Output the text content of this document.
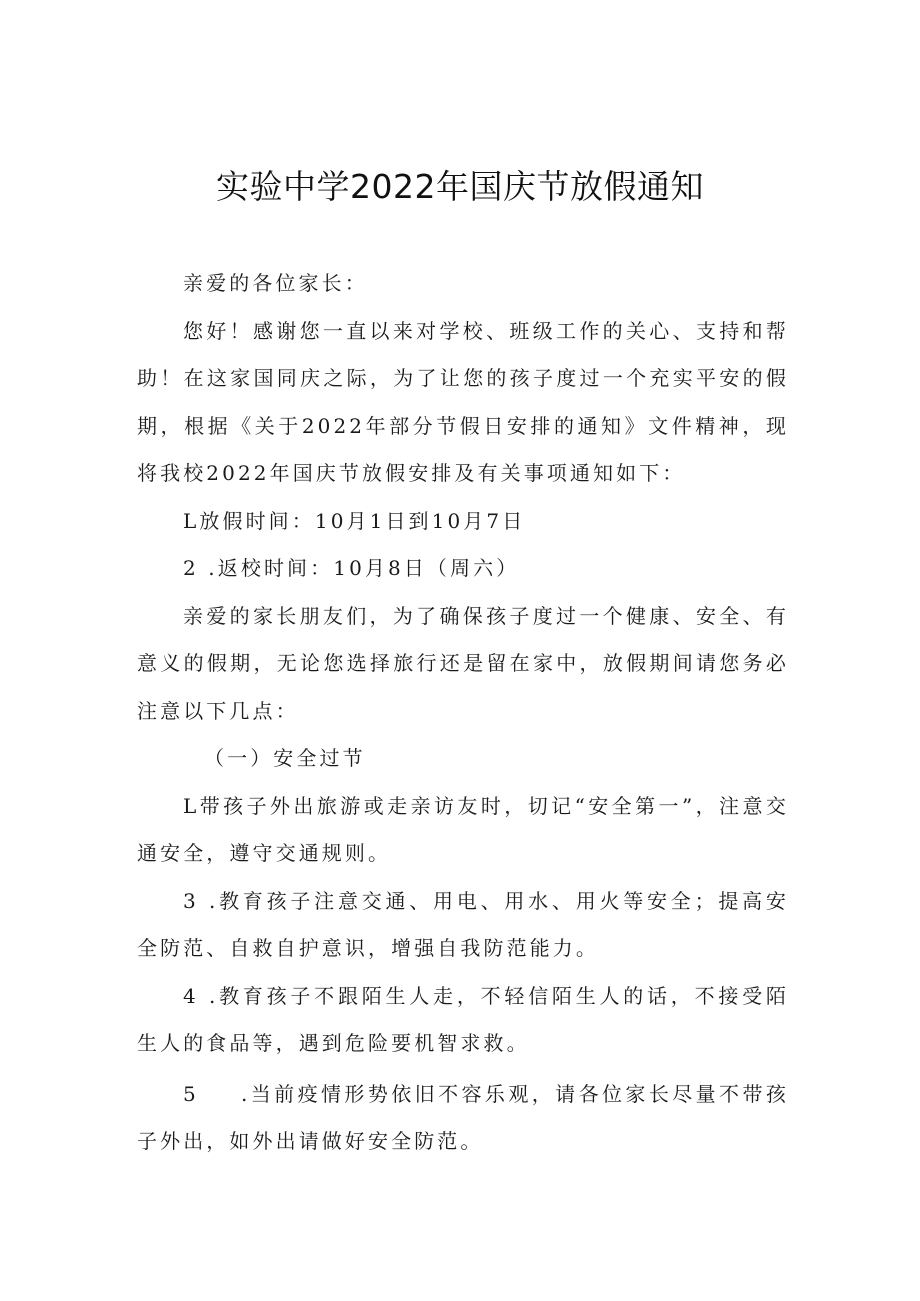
实验中学2022年国庆节放假通知

亲爱的各位家长：

您好！感谢您一直以来对学校、班级工作的关心、支持和帮助！在这家国同庆之际，为了让您的孩子度过一个充实平安的假期，根据《关于2022年部分节假日安排的通知》文件精神，现将我校2022年国庆节放假安排及有关事项通知如下：

L放假时间：10月1日到10月7日

2 .返校时间：10月8日（周六）

亲爱的家长朋友们，为了确保孩子度过一个健康、安全、有意义的假期，无论您选择旅行还是留在家中，放假期间请您务必注意以下几点：

（一）安全过节

L带孩子外出旅游或走亲访友时，切记“安全第一”，注意交通安全，遵守交通规则。

3 .教育孩子注意交通、用电、用水、用火等安全；提高安全防范、自救自护意识，增强自我防范能力。

4 .教育孩子不跟陌生人走，不轻信陌生人的话，不接受陌生人的食品等，遇到危险要机智求救。

5 .当前疫情形势依旧不容乐观，请各位家长尽量不带孩子外出，如外出请做好安全防范。
